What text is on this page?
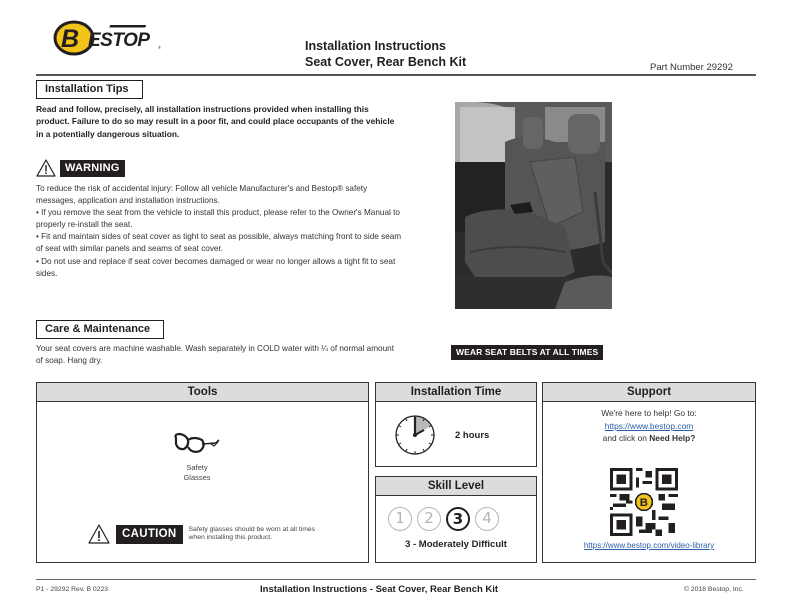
B ESTOP ®	Installation Instructions
Seat Cover, Rear Bench Kit	Part Number 29292
Installation Tips
Read and follow, precisely, all installation instructions provided when installing this product. Failure to do so may result in a poor fit, and could place occupants of the vehicle in a potentially dangerous situation.
WARNING

To reduce the risk of accidental injury: Follow all vehicle Manufacturer's and Bestop® safety messages, application and installation instructions.

• If you remove the seat from the vehicle to install this product, please refer to the Owner's Manual to properly re-install the seat.

• Fit and maintain sides of seat cover as tight to seat as possible, always matching front to side seam of seat with similar panels and seams of seat cover.

• Do not use and replace if seat cover becomes damaged or wear no longer allows a tight fit to seat sides.

Care & Maintenance
Your seat covers are machine washable. Wash separately in COLD water with ¼ of normal amount of soap. Hang dry.
WEAR SEAT BELTS AT ALL TIMES
Tools
Safety
Glasses
CAUTION	Safety glasses should be worn at all times when installing this product.
Installation Time
2 hours
Skill Level
1	2	3	4
3 - Moderately Difficult
Support
We're here to help! Go to:
https://www.bestop.com
and click on Need Help?
B
https://www.bestop.com/video-library
P1 - 29292 Rev. B 0223	Installation Instructions - Seat Cover, Rear Bench Kit	© 2018 Bestop, Inc.
